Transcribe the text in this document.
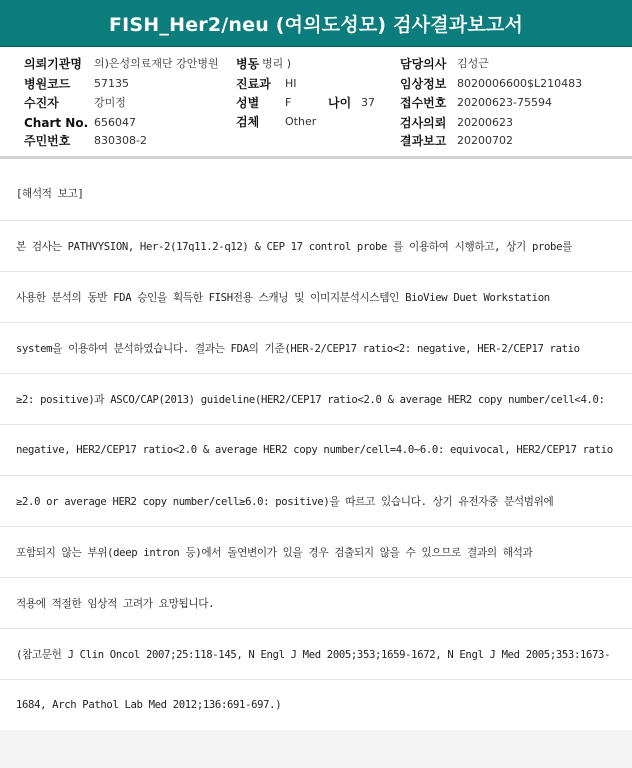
FISH_Her2/neu (여의도성모) 검사결과보고서
의뢰기관명 의)은성의료재단 강안병원
병원코드 57135
수진자	강미정
Chart No. 656047
주민번호 830308-2
병동 병리 )
진료과 HI
성별 F	나이 37
검체 Other
담당의사 김성근
임상정보 8020006600$L210483
접수번호 20200623-75594
검사의뢰 20200623
결과보고 20200702
[해석적 보고]
본 검사는 PATHVYSION, Her-2(17q11.2-q12) & CEP 17 control probe 를 이용하여 시행하고, 상기 probe를
사용한 분석의 동반 FDA 승인을 획득한 FISH전용 스캐닝 및 이미지분석시스템인 BioView Duet Workstation
system을 이용하여 분석하였습니다. 결과는 FDA의 기준(HER-2/CEP17 ratio<2: negative, HER-2/CEP17 ratio
≥2: positive)과 ASCO/CAP(2013) guideline(HER2/CEP17 ratio<2.0 & average HER2 copy number/cell<4.0:
negative, HER2/CEP17 ratio<2.0 & average HER2 copy number/cell=4.0~6.0: equivocal, HER2/CEP17 ratio
≥2.0 or average HER2 copy number/cell≥6.0: positive)을 따르고 있습니다. 상기 유전자중 분석범위에
포함되지 않는 부위(deep intron 등)에서 돌연변이가 있을 경우 검출되지 않을 수 있으므로 결과의 해석과
적용에 적절한 임상적 고려가 요망됩니다.
(참고문헌 J Clin Oncol 2007;25:118-145, N Engl J Med 2005;353;1659-1672, N Engl J Med 2005;353:1673-
1684, Arch Pathol Lab Med 2012;136:691-697.)
